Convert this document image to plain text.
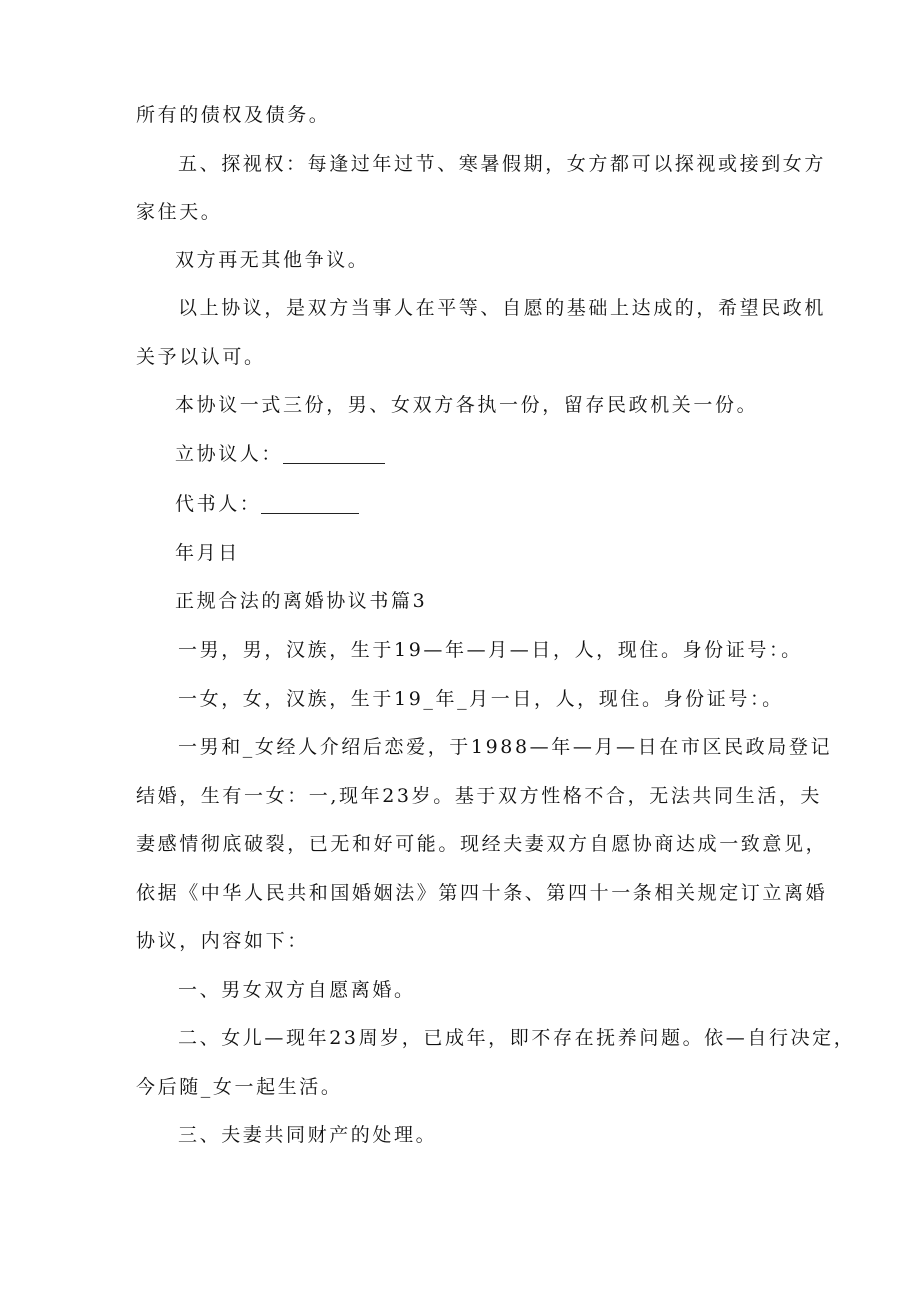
所有的债权及债务。

五、探视权：每逢过年过节、寒暑假期，女方都可以探视或接到女方

家住天。

双方再无其他争议。

以上协议，是双方当事人在平等、自愿的基础上达成的，希望民政机

关予以认可。

本协议一式三份，男、女双方各执一份，留存民政机关一份。

立协议人：
代书人：

年月日

正规合法的离婚协议书篇3

一男，男，汉族，生于19—年—月—日，人，现住。身份证号：。

一女，女，汉族，生于19_年_月一日，人，现住。身份证号：。

一男和_女经人介绍后恋爱，于1988—年—月—日在市区民政局登记

结婚，生有一女：一,现年23岁。基于双方性格不合，无法共同生活，夫

妻感情彻底破裂，已无和好可能。现经夫妻双方自愿协商达成一致意见，

依据《中华人民共和国婚姻法》第四十条、第四十一条相关规定订立离婚

协议，内容如下：

一、男女双方自愿离婚。

二、女儿—现年23周岁，已成年，即不存在抚养问题。依—自行决定，

今后随_女一起生活。

三、夫妻共同财产的处理。
